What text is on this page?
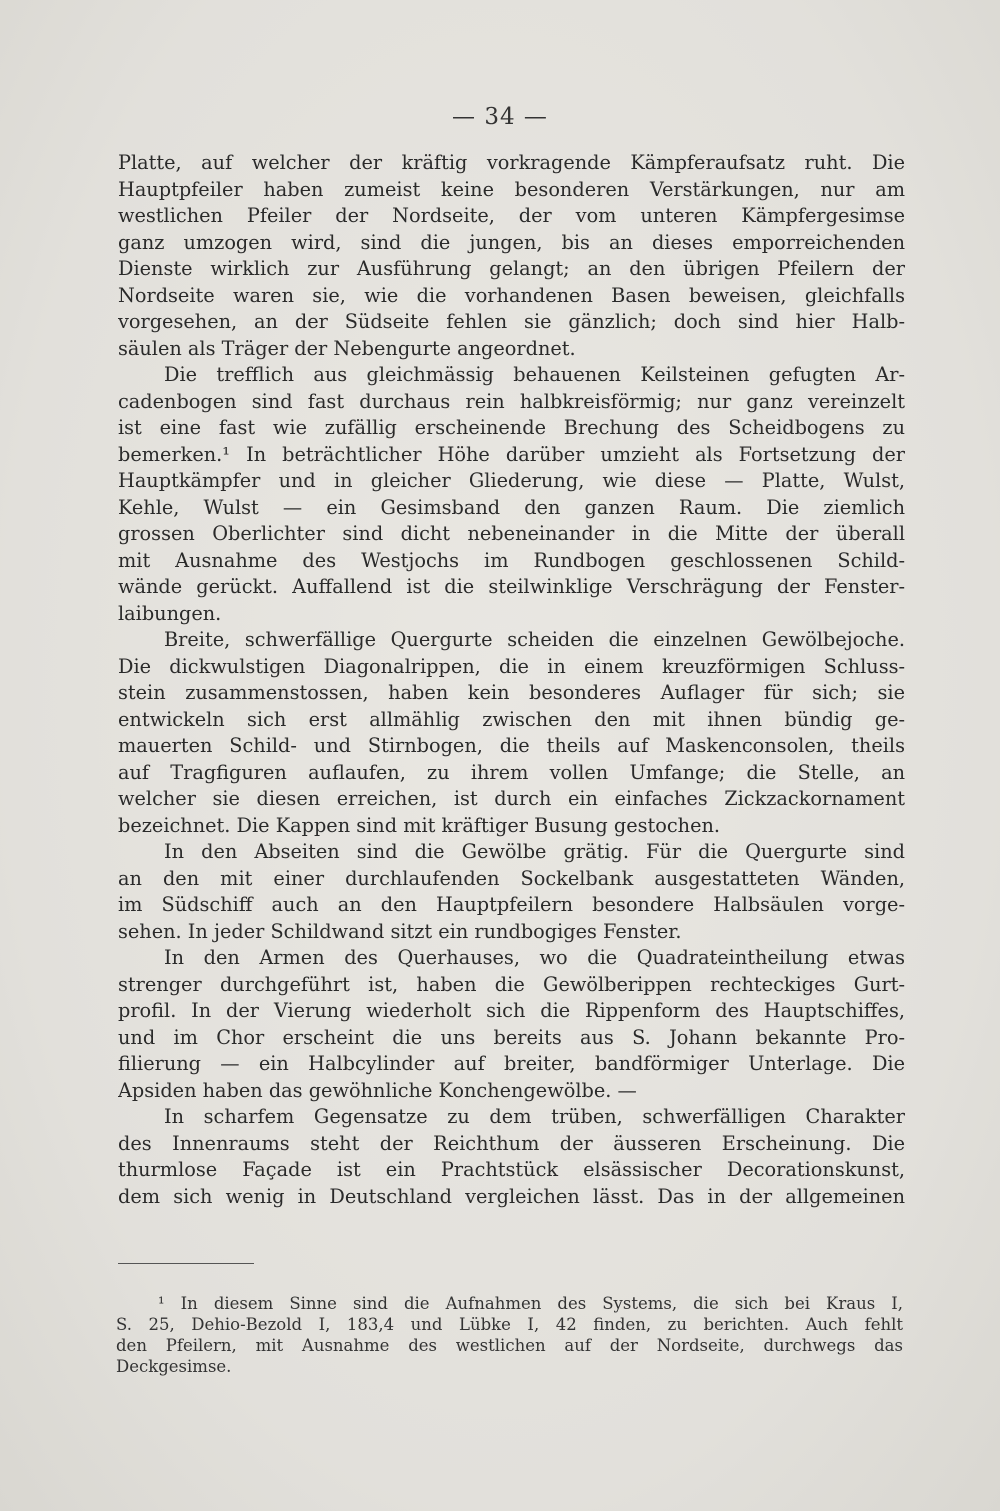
— 34 —
Platte, auf welcher der kräftig vorkragende Kämpferaufsatz ruht. Die
Hauptpfeiler haben zumeist keine besonderen Verstärkungen, nur am
westlichen Pfeiler der Nordseite, der vom unteren Kämpfergesimse
ganz umzogen wird, sind die jungen, bis an dieses emporreichenden
Dienste wirklich zur Ausführung gelangt; an den übrigen Pfeilern der
Nordseite waren sie, wie die vorhandenen Basen beweisen, gleichfalls
vorgesehen, an der Südseite fehlen sie gänzlich; doch sind hier Halb-
säulen als Träger der Nebengurte angeordnet.
Die trefflich aus gleichmässig behauenen Keilsteinen gefugten Ar-
cadenbogen sind fast durchaus rein halbkreisförmig; nur ganz vereinzelt
ist eine fast wie zufällig erscheinende Brechung des Scheidbogens zu
bemerken.¹ In beträchtlicher Höhe darüber umzieht als Fortsetzung der
Hauptkämpfer und in gleicher Gliederung, wie diese — Platte, Wulst,
Kehle, Wulst — ein Gesimsband den ganzen Raum. Die ziemlich
grossen Oberlichter sind dicht nebeneinander in die Mitte der überall
mit Ausnahme des Westjochs im Rundbogen geschlossenen Schild-
wände gerückt. Auffallend ist die steilwinklige Verschrägung der Fenster-
laibungen.
Breite, schwerfällige Quergurte scheiden die einzelnen Gewölbejoche.
Die dickwulstigen Diagonalrippen, die in einem kreuzförmigen Schluss-
stein zusammenstossen, haben kein besonderes Auflager für sich; sie
entwickeln sich erst allmählig zwischen den mit ihnen bündig ge-
mauerten Schild- und Stirnbogen, die theils auf Maskenconsolen, theils
auf Tragfiguren auflaufen, zu ihrem vollen Umfange; die Stelle, an
welcher sie diesen erreichen, ist durch ein einfaches Zickzackornament
bezeichnet. Die Kappen sind mit kräftiger Busung gestochen.
In den Abseiten sind die Gewölbe grätig. Für die Quergurte sind
an den mit einer durchlaufenden Sockelbank ausgestatteten Wänden,
im Südschiff auch an den Hauptpfeilern besondere Halbsäulen vorge-
sehen. In jeder Schildwand sitzt ein rundbogiges Fenster.
In den Armen des Querhauses, wo die Quadrateintheilung etwas
strenger durchgeführt ist, haben die Gewölberippen rechteckiges Gurt-
profil. In der Vierung wiederholt sich die Rippenform des Hauptschiffes,
und im Chor erscheint die uns bereits aus S. Johann bekannte Pro-
filierung — ein Halbcylinder auf breiter, bandförmiger Unterlage. Die
Apsiden haben das gewöhnliche Konchengewölbe. —
In scharfem Gegensatze zu dem trüben, schwerfälligen Charakter
des Innenraums steht der Reichthum der äusseren Erscheinung. Die
thurmlose Façade ist ein Prachtstück elsässischer Decorationskunst,
dem sich wenig in Deutschland vergleichen lässt. Das in der allgemeinen
¹ In diesem Sinne sind die Aufnahmen des Systems, die sich bei Kraus I,
S. 25, Dehio-Bezold I, 183,4 und Lübke I, 42 finden, zu berichten. Auch fehlt
den Pfeilern, mit Ausnahme des westlichen auf der Nordseite, durchwegs das
Deckgesimse.
